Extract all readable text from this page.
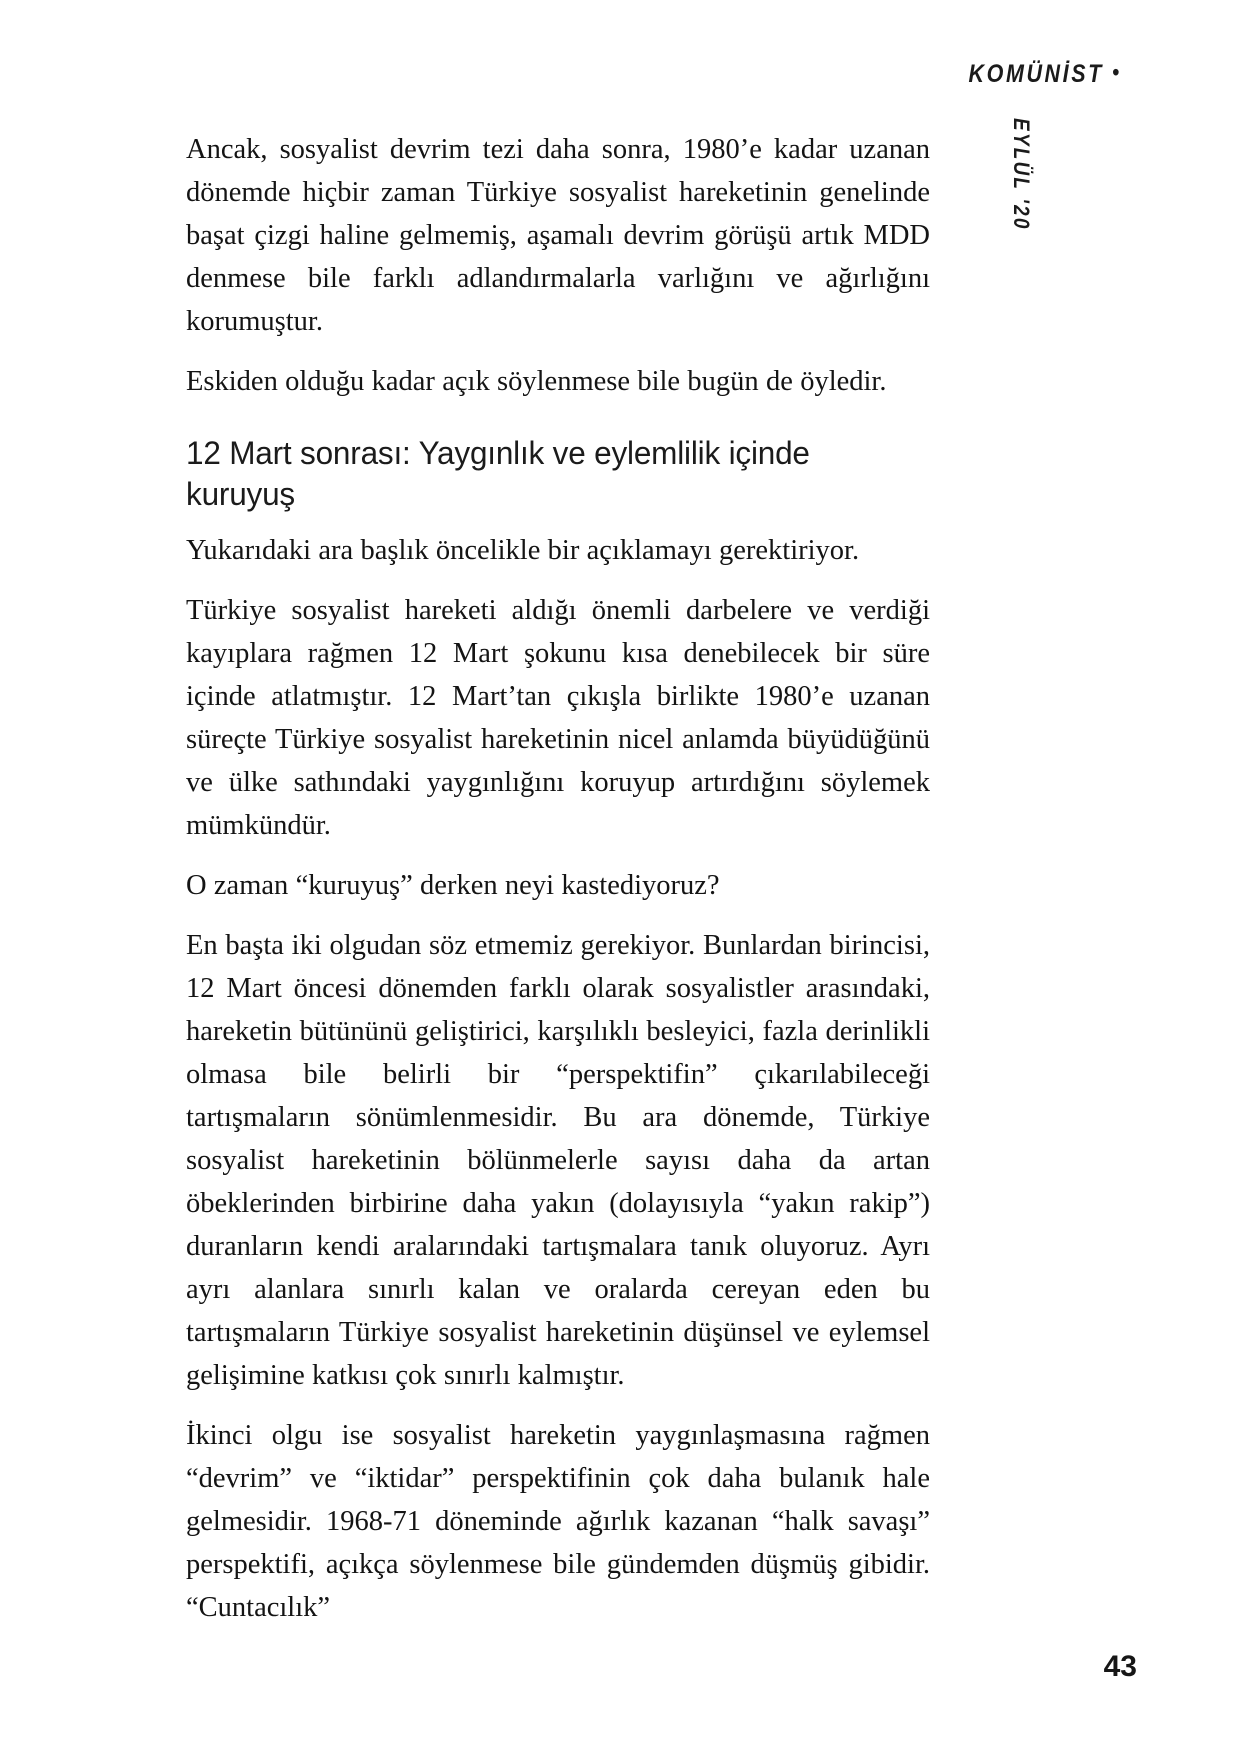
KOMÜNİST •
EYLÜL '20

Ancak, sosyalist devrim tezi daha sonra, 1980’e kadar uzanan dönemde hiçbir zaman Türkiye sosyalist hareketinin genelinde başat çizgi haline gelmemiş, aşamalı devrim görüşü artık MDD denmese bile farklı adlandırmalarla varlığını ve ağırlığını korumuştur.

Eskiden olduğu kadar açık söylenmese bile bugün de öyledir.

12 Mart sonrası: Yaygınlık ve eylemlilik içinde kuruyuş

Yukarıdaki ara başlık öncelikle bir açıklamayı gerektiriyor.

Türkiye sosyalist hareketi aldığı önemli darbelere ve verdiği kayıplara rağmen 12 Mart şokunu kısa denebilecek bir süre içinde atlatmıştır. 12 Mart’tan çıkışla birlikte 1980’e uzanan süreçte Türkiye sosyalist hareketinin nicel anlamda büyüdüğünü ve ülke sathındaki yaygınlığını koruyup artırdığını söylemek mümkündür.

O zaman “kuruyuş” derken neyi kastediyoruz?

En başta iki olgudan söz etmemiz gerekiyor. Bunlardan birincisi, 12 Mart öncesi dönemden farklı olarak sosyalistler arasındaki, hareketin bütününü geliştirici, karşılıklı besleyici, fazla derinlikli olmasa bile belirli bir “perspektifin” çıkarılabileceği tartışmaların sönümlenmesidir. Bu ara dönemde, Türkiye sosyalist hareketinin bölünmelerle sayısı daha da artan öbeklerinden birbirine daha yakın (dolayısıyla “yakın rakip”) duranların kendi aralarındaki tartışmalara tanık oluyoruz. Ayrı ayrı alanlara sınırlı kalan ve oralarda cereyan eden bu tartışmaların Türkiye sosyalist hareketinin düşünsel ve eylemsel gelişimine katkısı çok sınırlı kalmıştır.

İkinci olgu ise sosyalist hareketin yaygınlaşmasına rağmen “devrim” ve “iktidar” perspektifinin çok daha bulanık hale gelmesidir. 1968-71 döneminde ağırlık kazanan “halk savaşı” perspektifi, açıkça söylenmese bile gündemden düşmüş gibidir. “Cuntacılık”

43
